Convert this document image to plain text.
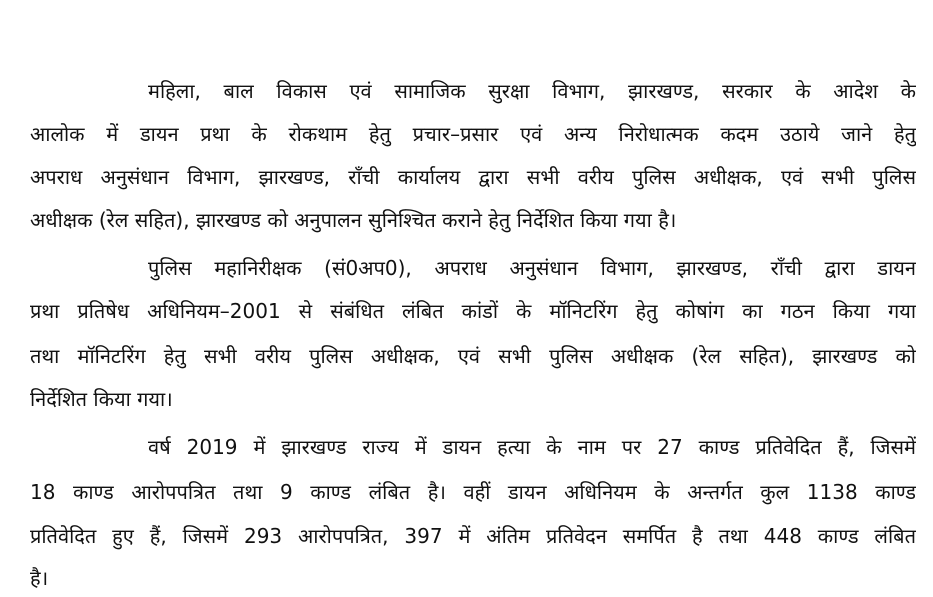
महिला, बाल विकास एवं सामाजिक सुरक्षा विभाग, झारखण्ड, सरकार के आदेश के
आलोक में डायन प्रथा के रोकथाम हेतु प्रचार–प्रसार एवं अन्य निरोधात्मक कदम उठाये जाने हेतु
अपराध अनुसंधान विभाग, झारखण्ड, राँची कार्यालय द्वारा सभी वरीय पुलिस अधीक्षक, एवं सभी पुलिस
अधीक्षक (रेल सहित), झारखण्ड को अनुपालन सुनिश्चित कराने हेतु निर्देशित किया गया है।
पुलिस महानिरीक्षक (सं0अप0), अपराध अनुसंधान विभाग, झारखण्ड, राँची द्वारा डायन
प्रथा प्रतिषेध अधिनियम–2001 से संबंधित लंबित कांडों के मॉनिटरिंग हेतु कोषांग का गठन किया गया
तथा मॉनिटरिंग हेतु सभी वरीय पुलिस अधीक्षक, एवं सभी पुलिस अधीक्षक (रेल सहित), झारखण्ड को
निर्देशित किया गया।
वर्ष 2019 में झारखण्ड राज्य में डायन हत्या के नाम पर 27 काण्ड प्रतिवेदित हैं, जिसमें
18 काण्ड आरोपपत्रित तथा 9 काण्ड लंबित है। वहीं डायन अधिनियम के अन्तर्गत कुल 1138 काण्ड
प्रतिवेदित हुए हैं, जिसमें 293 आरोपपत्रित, 397 में अंतिम प्रतिवेदन समर्पित है तथा 448 काण्ड लंबित
है।
